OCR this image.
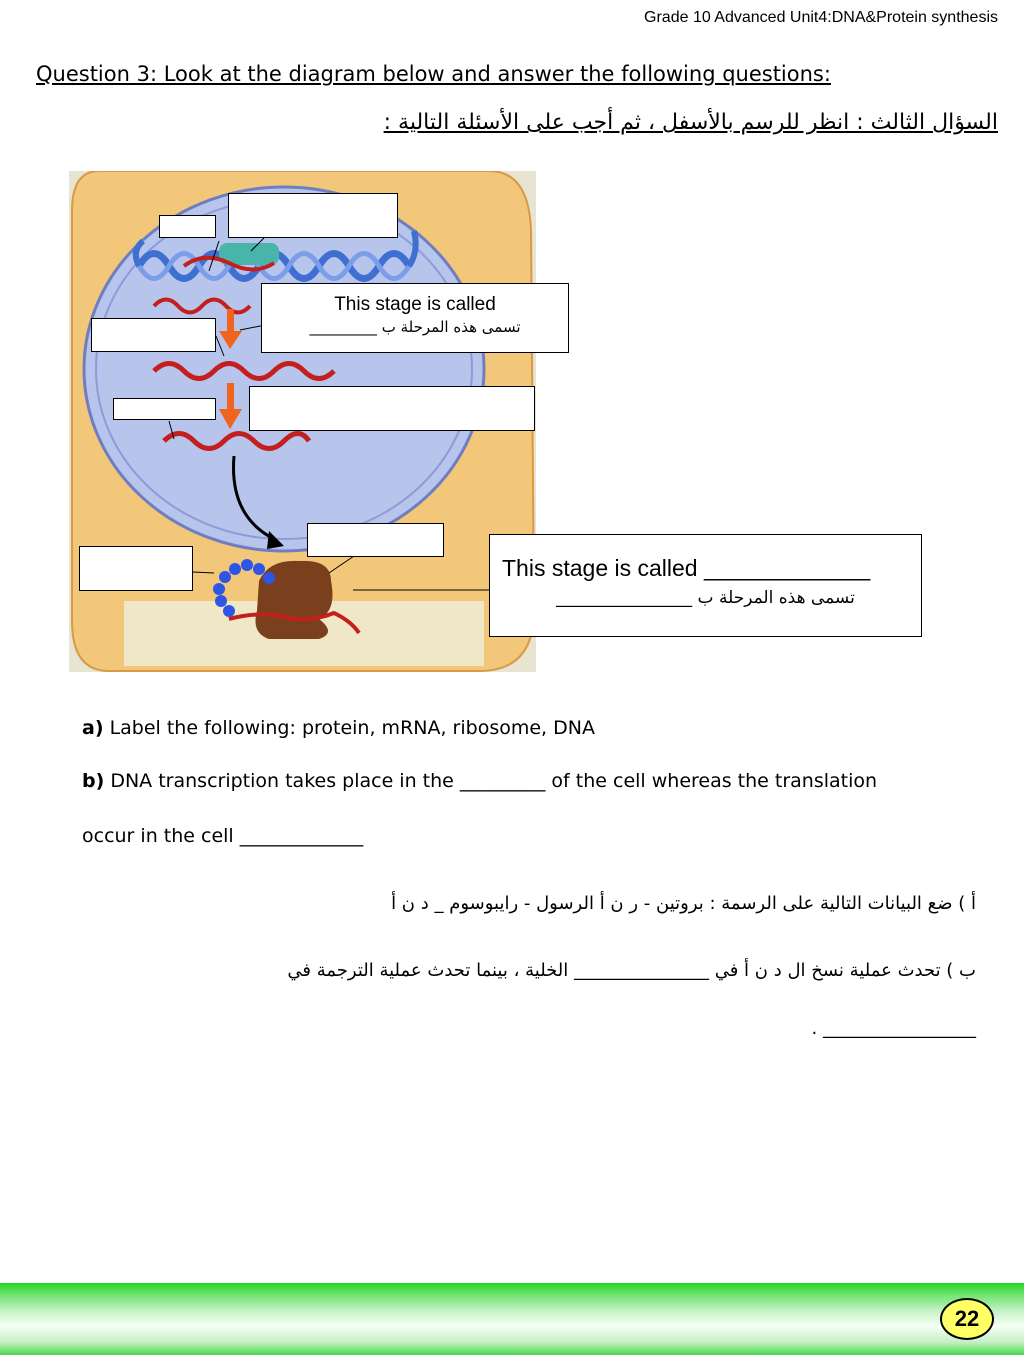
Grade 10 Advanced Unit4:DNA&Protein synthesis
Question 3: Look at the diagram below and answer the following questions:
السؤال الثالث : انظر للرسم بالأسفل ، ثم أجب على الأسئلة التالية :
This stage is called
تسمى هذه المرحلة ب _________
This stage is called _____________
تسمى هذه المرحلة ب ________________
a) Label the following: protein, mRNA, ribosome, DNA
b) DNA transcription takes place in the _________ of the cell whereas the translation
occur in the cell _____________
أ ) ضع البيانات التالية على الرسمة : بروتين - ر ن أ الرسول - رايبوسوم _ د ن أ
ب ) تحدث عملية نسخ ال د ن أ في _______________ الخلية ، بينما تحدث عملية الترجمة في
_________________ .
22
